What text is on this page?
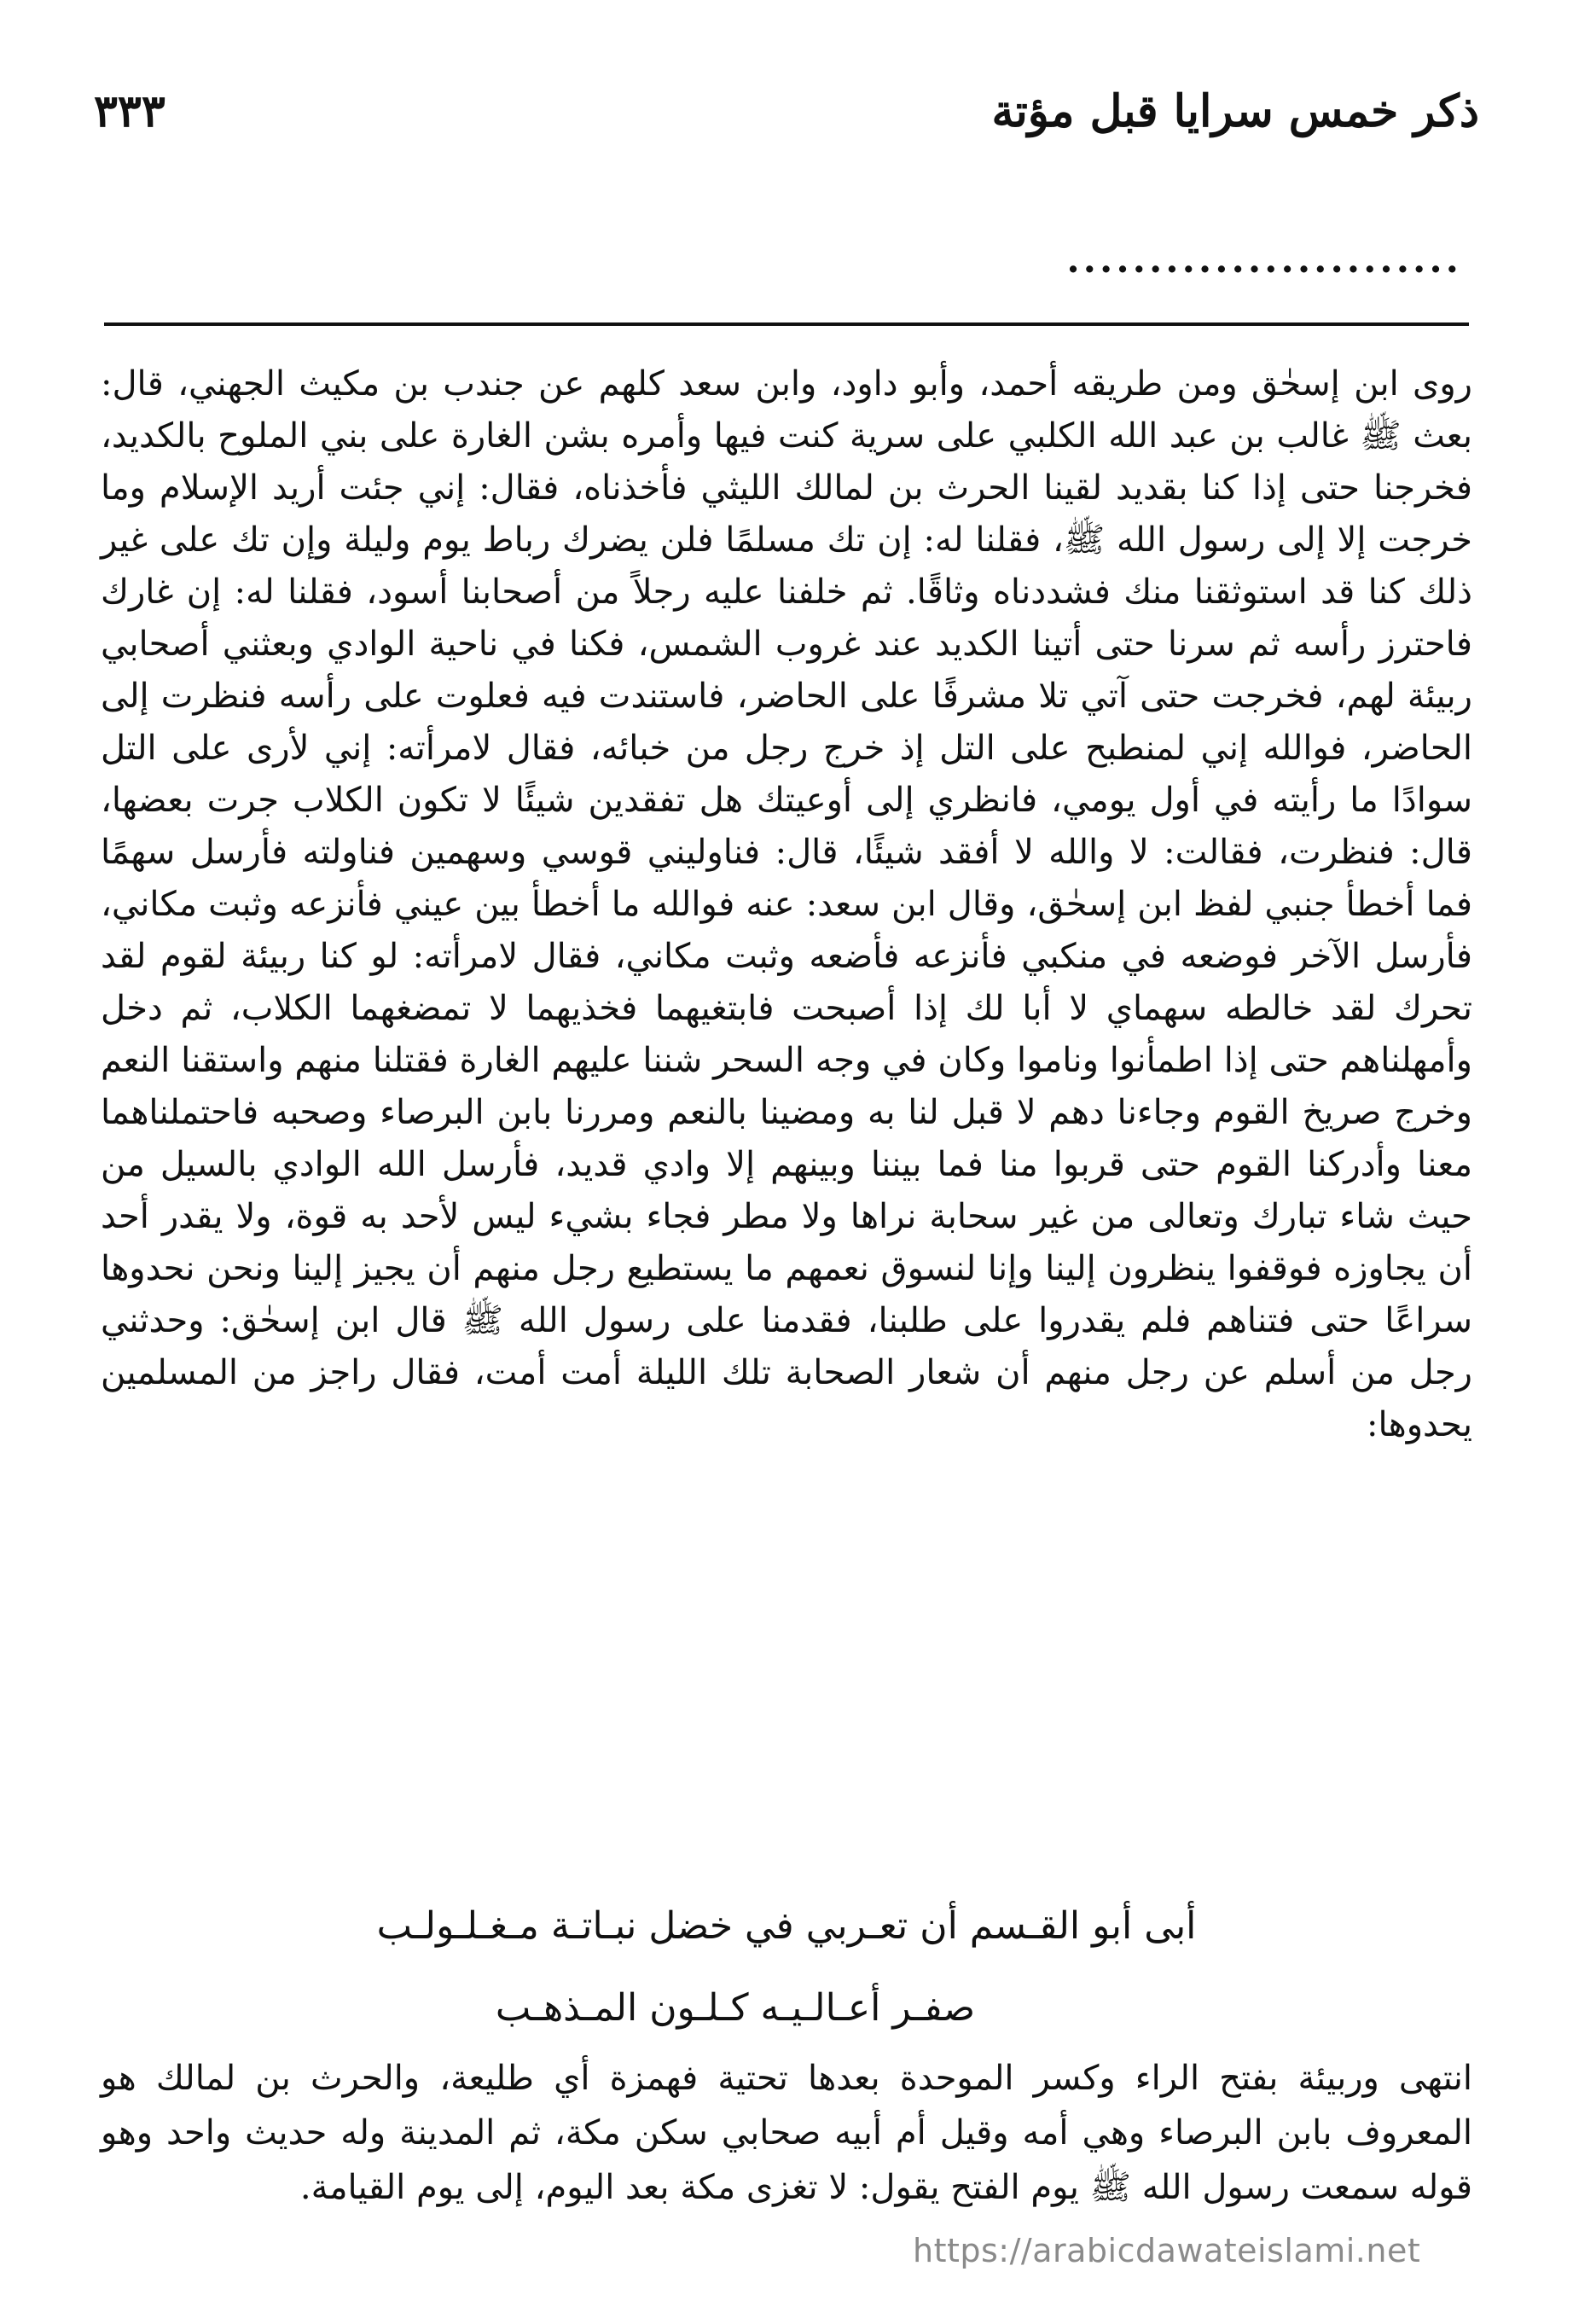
ذكر خمس سرايا قبل مؤتة
٣٣٣
........................
روى ابن إسحٰق ومن طريقه أحمد، وأبو داود، وابن سعد كلهم عن جندب بن مكيث الجهني، قال: بعث ﷺ غالب بن عبد الله الكلبي على سرية كنت فيها وأمره بشن الغارة على بني الملوح بالكديد، فخرجنا حتى إذا كنا بقديد لقينا الحرث بن لمالك الليثي فأخذناه، فقال: إني جئت أريد الإسلام وما خرجت إلا إلى رسول الله ﷺ، فقلنا له: إن تك مسلمًا فلن يضرك رباط يوم وليلة وإن تك على غير ذلك كنا قد استوثقنا منك فشددناه وثاقًا. ثم خلفنا عليه رجلاً من أصحابنا أسود، فقلنا له: إن غارك فاحترز رأسه ثم سرنا حتى أتينا الكديد عند غروب الشمس، فكنا في ناحية الوادي وبعثني أصحابي ربيئة لهم، فخرجت حتى آتي تلا مشرفًا على الحاضر، فاستندت فيه فعلوت على رأسه فنظرت إلى الحاضر، فوالله إني لمنطبح على التل إذ خرج رجل من خبائه، فقال لامرأته: إني لأرى على التل سوادًا ما رأيته في أول يومي، فانظري إلى أوعيتك هل تفقدين شيئًا لا تكون الكلاب جرت بعضها، قال: فنظرت، فقالت: لا والله لا أفقد شيئًا، قال: فناوليني قوسي وسهمين فناولته فأرسل سهمًا فما أخطأ جنبي لفظ ابن إسحٰق، وقال ابن سعد: عنه فوالله ما أخطأ بين عيني فأنزعه وثبت مكاني، فأرسل الآخر فوضعه في منكبي فأنزعه فأضعه وثبت مكاني، فقال لامرأته: لو كنا ربيئة لقوم لقد تحرك لقد خالطه سهماي لا أبا لك إذا أصبحت فابتغيهما فخذيهما لا تمضغهما الكلاب، ثم دخل وأمهلناهم حتى إذا اطمأنوا وناموا وكان في وجه السحر شننا عليهم الغارة فقتلنا منهم واستقنا النعم وخرج صريخ القوم وجاءنا دهم لا قبل لنا به ومضينا بالنعم ومررنا بابن البرصاء وصحبه فاحتملناهما معنا وأدركنا القوم حتى قربوا منا فما بيننا وبينهم إلا وادي قديد، فأرسل الله الوادي بالسيل من حيث شاء تبارك وتعالى من غير سحابة نراها ولا مطر فجاء بشيء ليس لأحد به قوة، ولا يقدر أحد أن يجاوزه فوقفوا ينظرون إلينا وإنا لنسوق نعمهم ما يستطيع رجل منهم أن يجيز إلينا ونحن نحدوها سراعًا حتى فتناهم فلم يقدروا على طلبنا، فقدمنا على رسول الله ﷺ قال ابن إسحٰق: وحدثني رجل من أسلم عن رجل منهم أن شعار الصحابة تلك الليلة أمت أمت، فقال راجز من المسلمين يحدوها:
أبى أبو القـسم أن تعـربي في خضل نبـاتـة مـغـلـولـب
صفـر أعـالـيـه كـلـون المـذهـب
انتهى وربيئة بفتح الراء وكسر الموحدة بعدها تحتية فهمزة أي طليعة، والحرث بن لمالك هو المعروف بابن البرصاء وهي أمه وقيل أم أبيه صحابي سكن مكة، ثم المدينة وله حديث واحد وهو قوله سمعت رسول الله ﷺ يوم الفتح يقول: لا تغزى مكة بعد اليوم، إلى يوم القيامة.
https://arabicdawateislami.net
